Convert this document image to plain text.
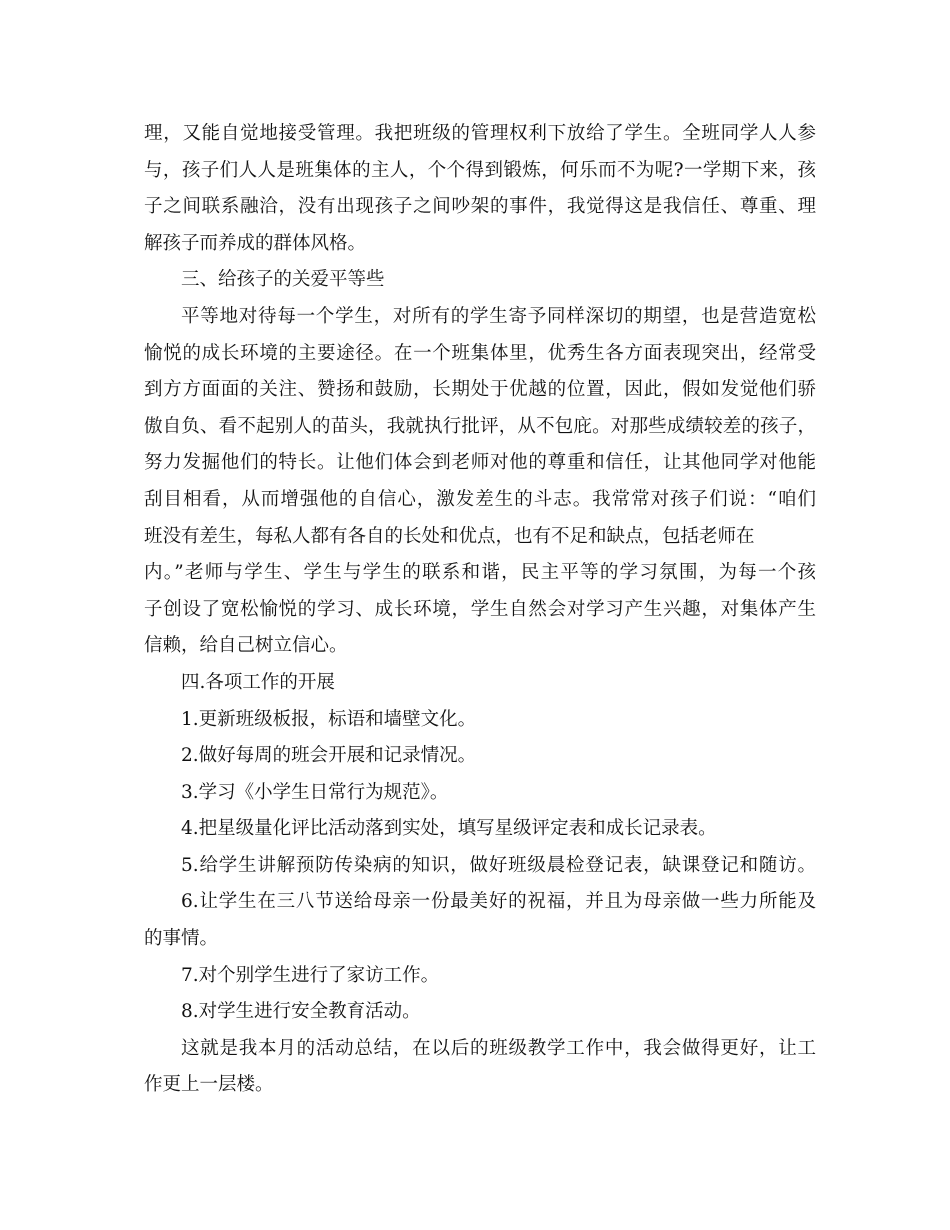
理，又能自觉地接受管理。我把班级的管理权利下放给了学生。全班同学人人参
与，孩子们人人是班集体的主人，个个得到锻炼，何乐而不为呢?一学期下来，孩
子之间联系融洽，没有出现孩子之间吵架的事件，我觉得这是我信任、尊重、理
解孩子而养成的群体风格。
三、给孩子的关爱平等些
平等地对待每一个学生，对所有的学生寄予同样深切的期望，也是营造宽松
愉悦的成长环境的主要途径。在一个班集体里，优秀生各方面表现突出，经常受
到方方面面的关注、赞扬和鼓励，长期处于优越的位置，因此，假如发觉他们骄
傲自负、看不起别人的苗头，我就执行批评，从不包庇。对那些成绩较差的孩子，
努力发掘他们的特长。让他们体会到老师对他的尊重和信任，让其他同学对他能
刮目相看，从而增强他的自信心，激发差生的斗志。我常常对孩子们说：“咱们
班没有差生，每私人都有各自的长处和优点，也有不足和缺点，包括老师在
内。”老师与学生、学生与学生的联系和谐，民主平等的学习氛围，为每一个孩
子创设了宽松愉悦的学习、成长环境，学生自然会对学习产生兴趣，对集体产生
信赖，给自己树立信心。
四.各项工作的开展
1.更新班级板报，标语和墙壁文化。
2.做好每周的班会开展和记录情况。
3.学习《小学生日常行为规范》。
4.把星级量化评比活动落到实处，填写星级评定表和成长记录表。
5.给学生讲解预防传染病的知识，做好班级晨检登记表，缺课登记和随访。
6.让学生在三八节送给母亲一份最美好的祝福，并且为母亲做一些力所能及
的事情。
7.对个别学生进行了家访工作。
8.对学生进行安全教育活动。
这就是我本月的活动总结，在以后的班级教学工作中，我会做得更好，让工
作更上一层楼。
